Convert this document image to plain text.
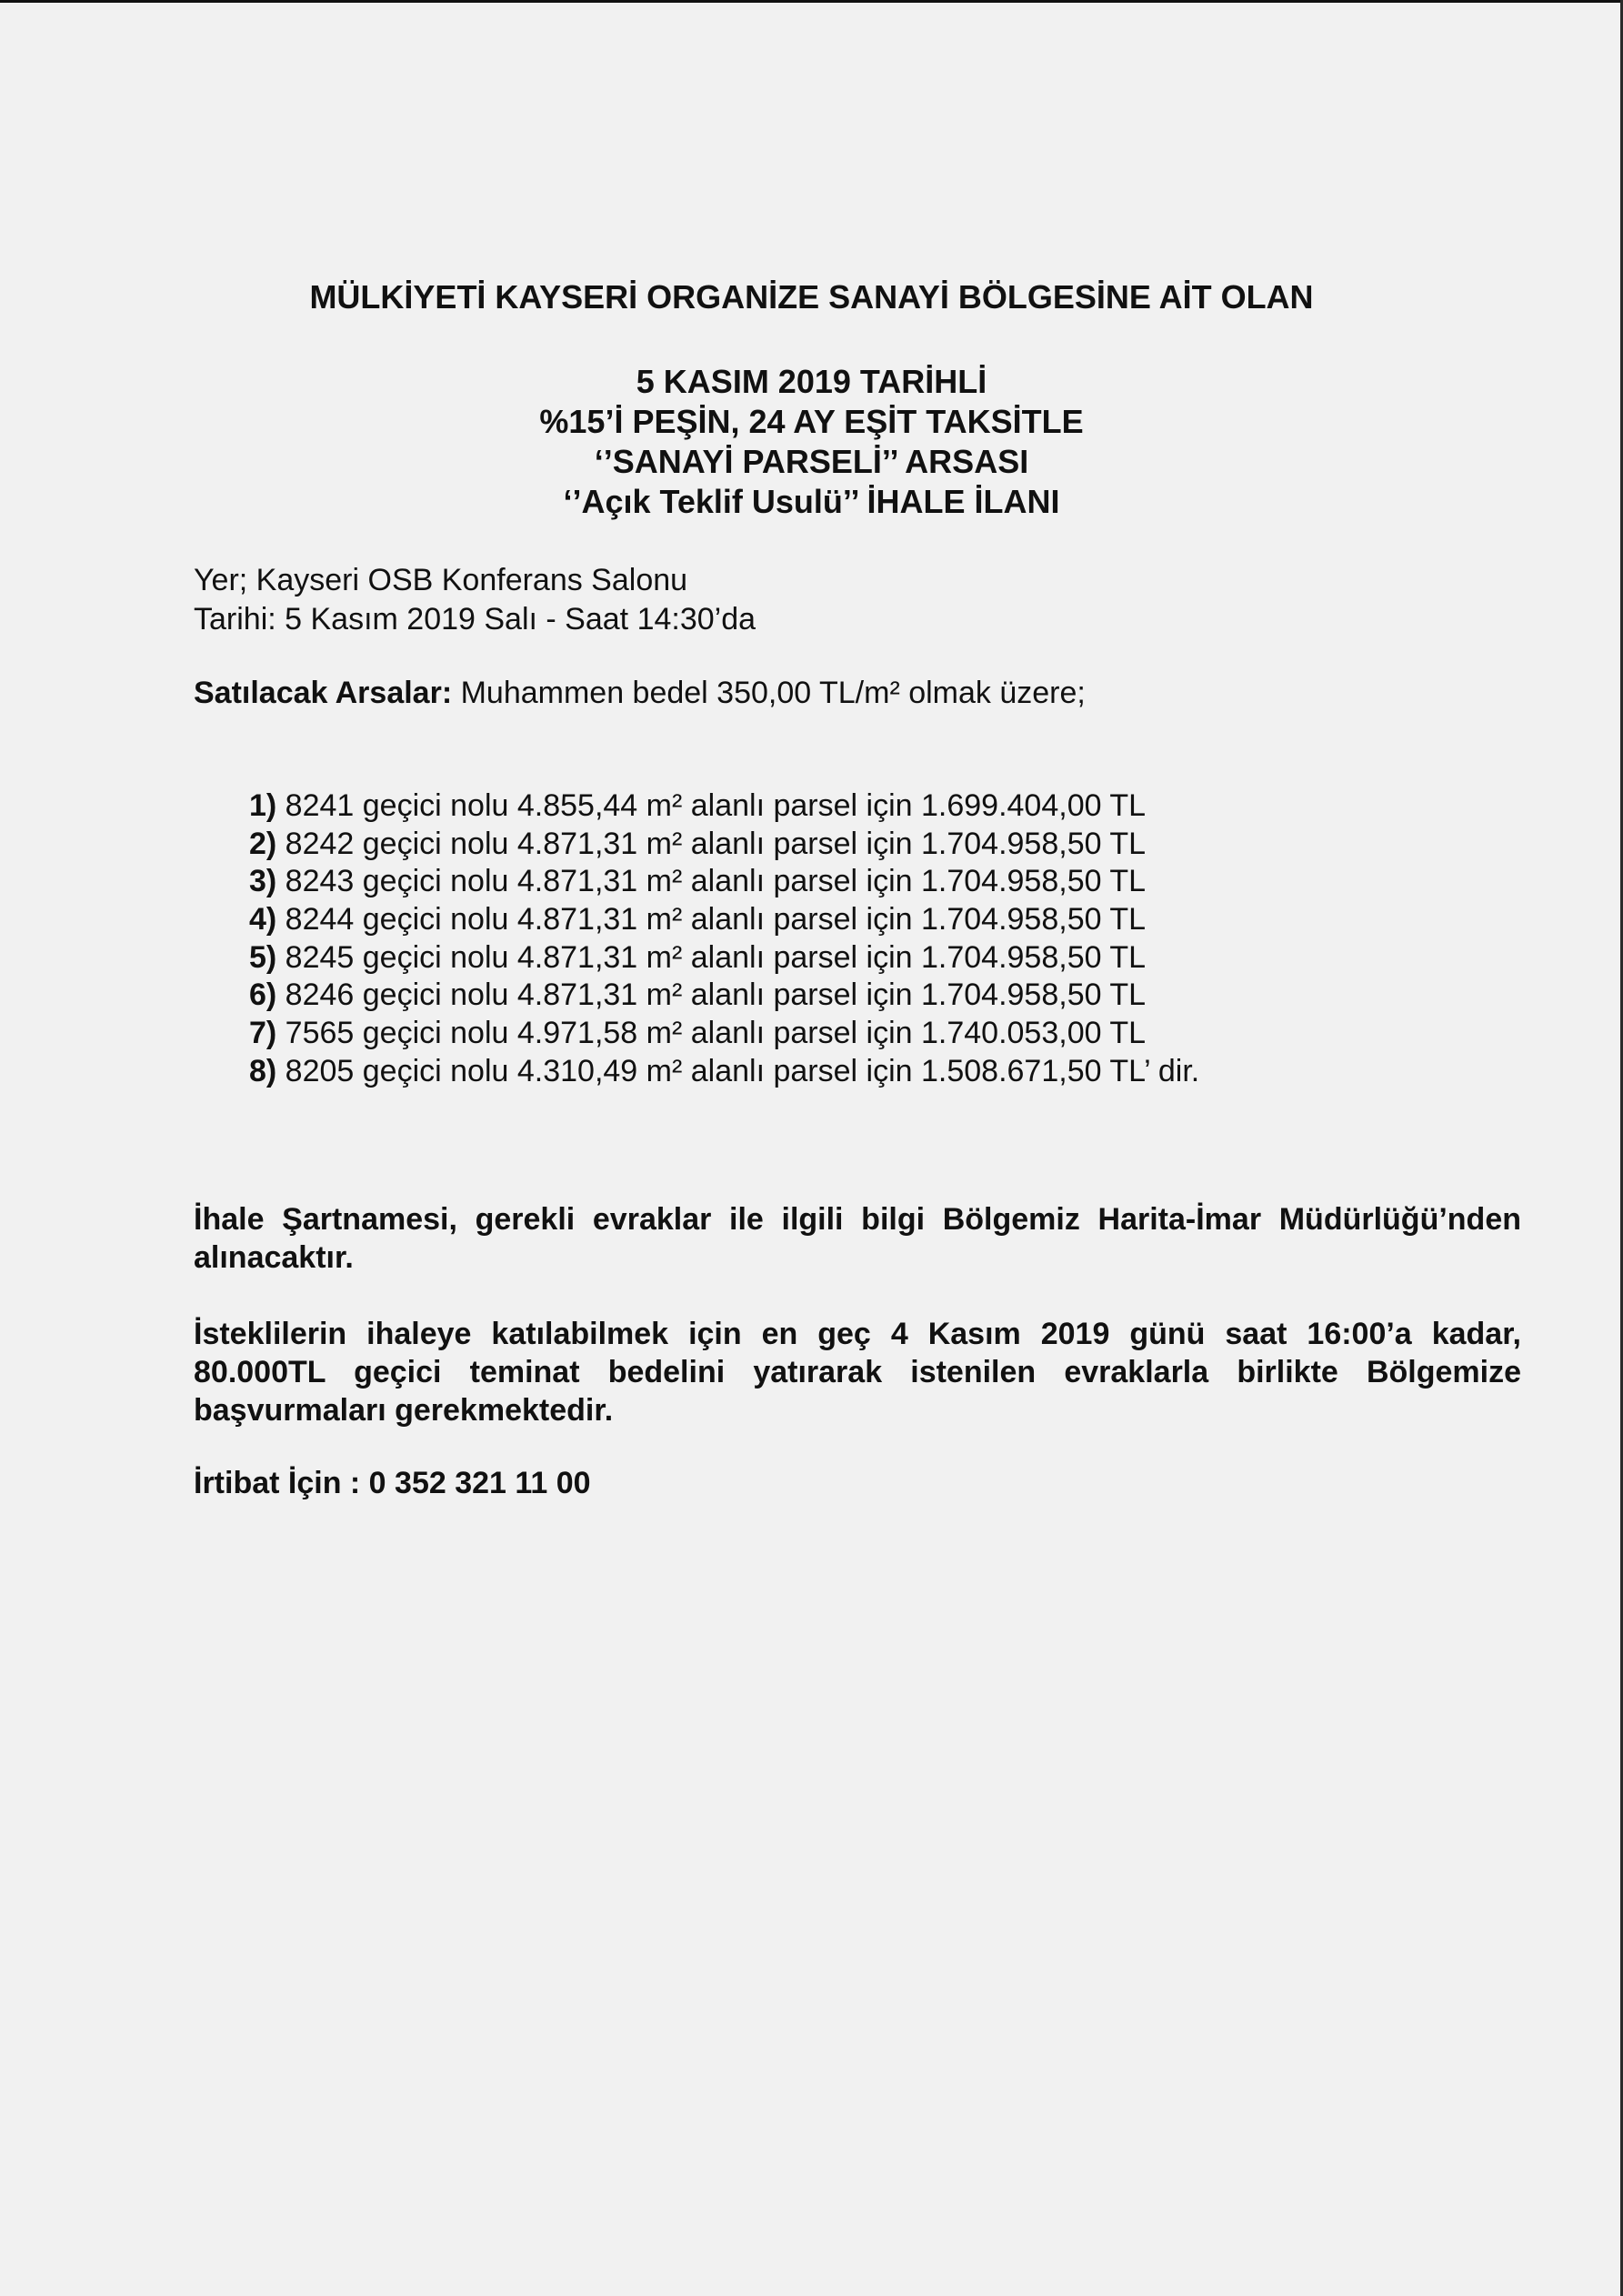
MÜLKİYETİ KAYSERİ ORGANİZE SANAYİ BÖLGESİNE AİT OLAN
5 KASIM 2019 TARİHLİ
%15’İ PEŞİN, 24 AY EŞİT TAKSİTLE
‘’SANAYİ PARSELİ’’ ARSASI
‘’Açık Teklif Usulü’’ İHALE İLANI

Yer; Kayseri OSB Konferans Salonu

Tarihi: 5 Kasım 2019 Salı - Saat 14:30’da

Satılacak Arsalar: Muhammen bedel 350,00 TL/m² olmak üzere;

1) 8241 geçici nolu 4.855,44 m² alanlı parsel için 1.699.404,00 TL
2) 8242 geçici nolu 4.871,31 m² alanlı parsel için 1.704.958,50 TL
3) 8243 geçici nolu 4.871,31 m² alanlı parsel için 1.704.958,50 TL
4) 8244 geçici nolu 4.871,31 m² alanlı parsel için 1.704.958,50 TL
5) 8245 geçici nolu 4.871,31 m² alanlı parsel için 1.704.958,50 TL
6) 8246 geçici nolu 4.871,31 m² alanlı parsel için 1.704.958,50 TL
7) 7565 geçici nolu 4.971,58 m² alanlı parsel için 1.740.053,00 TL
8) 8205 geçici nolu 4.310,49 m² alanlı parsel için 1.508.671,50 TL’ dir.

İhale Şartnamesi, gerekli evraklar ile ilgili bilgi Bölgemiz Harita-İmar Müdürlüğü’nden alınacaktır.

İsteklilerin ihaleye katılabilmek için en geç 4 Kasım 2019 günü saat 16:00’a kadar, 80.000TL geçici teminat bedelini yatırarak istenilen evraklarla birlikte Bölgemize başvurmaları gerekmektedir.

İrtibat İçin : 0 352 321 11 00
